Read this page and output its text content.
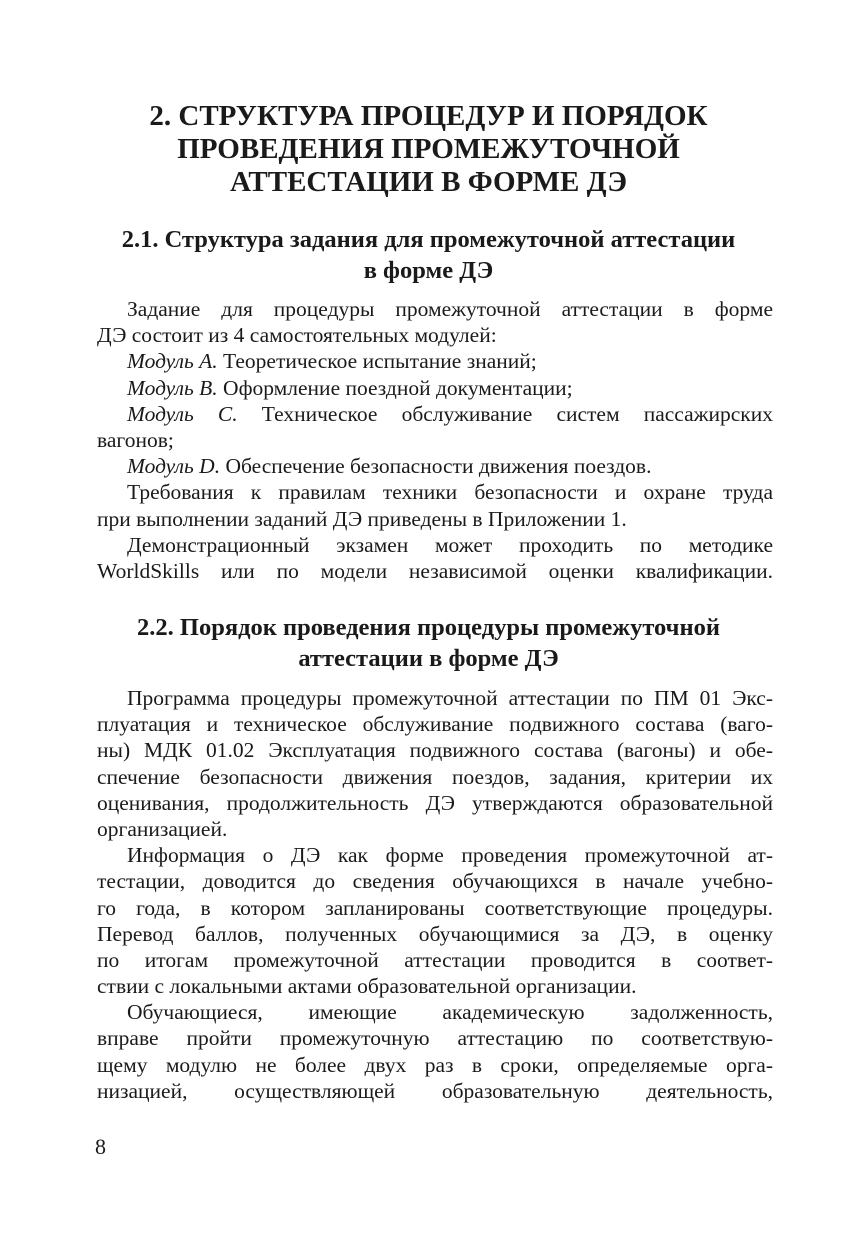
2. СТРУКТУРА ПРОЦЕДУР И ПОРЯДОК
ПРОВЕДЕНИЯ ПРОМЕЖУТОЧНОЙ
АТТЕСТАЦИИ В ФОРМЕ ДЭ
2.1. Структура задания для промежуточной аттестации
в форме ДЭ
Задание для процедуры промежуточной аттестации в форме
ДЭ состоит из 4 самостоятельных модулей:
Модуль А. Теоретическое испытание знаний;
Модуль В. Оформление поездной документации;
Модуль С. Техническое обслуживание систем пассажирских
вагонов;
Модуль D. Обеспечение безопасности движения поездов.
Требования к правилам техники безопасности и охране труда
при выполнении заданий ДЭ приведены в Приложении 1.
Демонстрационный экзамен может проходить по методике
WorldSkills или по модели независимой оценки квалификации.
2.2. Порядок проведения процедуры промежуточной
аттестации в форме ДЭ
Программа процедуры промежуточной аттестации по ПМ 01 Экс-
плуатация и техническое обслуживание подвижного состава (ваго-
ны) МДК 01.02 Эксплуатация подвижного состава (вагоны) и обе-
спечение безопасности движения поездов, задания, критерии их
оценивания, продолжительность ДЭ утверждаются образовательной
организацией.
Информация о ДЭ как форме проведения промежуточной ат-
тестации, доводится до сведения обучающихся в начале учебно-
го года, в котором запланированы соответствующие процедуры.
Перевод баллов, полученных обучающимися за ДЭ, в оценку
по итогам промежуточной аттестации проводится в соответ-
ствии с локальными актами образовательной организации.
Обучающиеся, имеющие академическую задолженность,
вправе пройти промежуточную аттестацию по соответствую-
щему модулю не более двух раз в сроки, определяемые орга-
низацией, осуществляющей образовательную деятельность,
8
